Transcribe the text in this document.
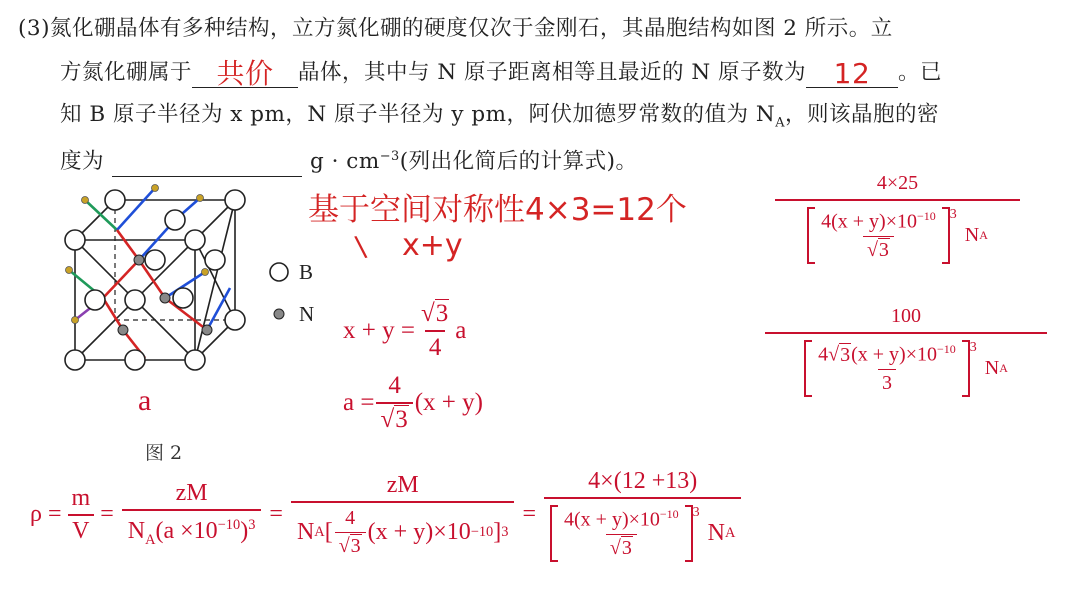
(3)氮化硼晶体有多种结构，立方氮化硼的硬度仅次于金刚石，其晶胞结构如图 2 所示。立
方氮化硼属于 共价	晶体，其中与 N 原子距离相等且最近的 N 原子数为 12	。已
知 B 原子半径为 x pm，N 原子半径为 y pm，阿伏加德罗常数的值为 $N_A$，则该晶胞的密
度为	$g \cdot cm^{-3}$(列出化简后的计算式)。
B
N
a
图 2
基于空间对称性4×3=12个
\ x+y
$x + y = \frac{√3}{4}$ a
$a = \frac{4}{√3} (x + y)$
4×25
$\frac{4(x + y)\times 10^{-10}}{√3} ^3$
N A
100
$\frac{4√3(x + y)\times 10^{-10}}{3} ^3$
N A
$\rho = \frac{m}{V} = \frac{zM}{N_A(a \times 10^{-10})^3} = \frac{zM}{N A [ \frac{4}{√3} (x + y)\times 10 -10 ] 3} = 4\times(12 +13)$
$\frac{4(x + y)\times 10^{-10}}{√3} ^3$
N A
